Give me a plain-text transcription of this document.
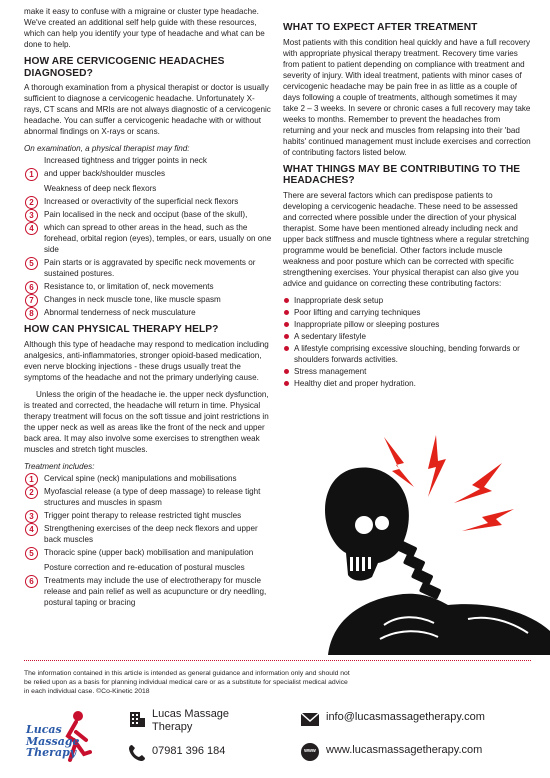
make it easy to confuse with a migraine or cluster type headache. We've created an additional self help guide with these resources, which can help you identify your type of headache and what can be done to help.

HOW ARE CERVICOGENIC HEADACHES DIAGNOSED?

A thorough examination from a physical therapist or doctor is usually sufficient to diagnose a cervicogenic headache. Unfortunately X-rays, CT scans and MRIs are not always diagnostic of a cervicogenic headache. You can suffer a cervicogenic headache with or without abnormal findings on X-rays or scans.

On examination, a physical therapist may find:

Increased tightness and trigger points in neck
1	and upper back/shoulder muscles
Weakness of deep neck flexors
2	Increased or overactivity of the superficial neck flexors
3	Pain localised in the neck and occiput (base of the skull),
4	which can spread to other areas in the head, such as the forehead, orbital region (eyes), temples, or ears, usually on one side
5	Pain starts or is aggravated by specific neck movements or sustained postures.
6	Resistance to, or limitation of, neck movements
7	Changes in neck muscle tone, like muscle spasm
8	Abnormal tenderness of neck musculature
HOW CAN PHYSICAL THERAPY HELP?

Although this type of headache may respond to medication including analgesics, anti-inflammatories, stronger opioid-based medication, even nerve blocking injections - these drugs usually treat the symptoms of the headache and not the primary underlying cause.

Unless the origin of the headache ie. the upper neck dysfunction, is treated and corrected, the headache will return in time. Physical therapy treatment will focus on the soft tissue and joint restrictions in the upper neck as well as areas like the front of the neck and upper back area. It may also involve some exercises to strengthen weak muscles and stretch tight muscles.

Treatment includes:

1	Cervical spine (neck) manipulations and mobilisations
2	Myofascial release (a type of deep massage) to release tight structures and muscles in spasm
3	Trigger point therapy to release restricted tight muscles
4	Strengthening exercises of the deep neck flexors and upper back muscles
5	Thoracic spine (upper back) mobilisation and manipulation
Posture correction and re-education of postural muscles
6	Treatments may include the use of electrotherapy for muscle release and pain relief as well as acupuncture or dry needling, postural taping or bracing
WHAT TO EXPECT AFTER TREATMENT

Most patients with this condition heal quickly and have a full recovery with appropriate physical therapy treatment. Recovery time varies from patient to patient depending on compliance with treatment and severity of injury. With ideal treatment, patients with minor cases of cervicogenic headache may be pain free in as little as a couple of days following a couple of treatments, although sometimes it may take 2 – 3 weeks. In severe or chronic cases a full recovery may take weeks to months. Remember to prevent the headaches from returning and your neck and muscles from relapsing into their 'bad habits' continued management must include exercises and correction of contributing factors listed below.

WHAT THINGS MAY BE CONTRIBUTING TO THE HEADACHES?

There are several factors which can predispose patients to developing a cervicogenic headache. These need to be assessed and corrected where possible under the direction of your physical therapist. Some have been mentioned already including neck and upper back stiffness and muscle tightness where a regular stretching programme would be beneficial. Other factors include muscle weakness and poor posture which can be corrected with specific strengthening exercises. Your physical therapist can also give you advice and guidance on correcting these contributing factors:

Inappropriate desk setup
Poor lifting and carrying techniques
Inappropriate pillow or sleeping postures
A sedentary lifestyle
A lifestyle comprising excessive slouching, bending forwards or shoulders forwards activities.
Stress management
Healthy diet and proper hydration.
The information contained in this article is intended as general guidance and information only and should not be relied upon as a basis for planning individual medical care or as a substitute for specialist medical advice in each individual case. ©Co-Kinetic 2018
Lucas
Massage
Therapy
Lucas Massage
Therapy
07981 396 184
info@lucasmassagetherapy.com
www www.lucasmassagetherapy.com
